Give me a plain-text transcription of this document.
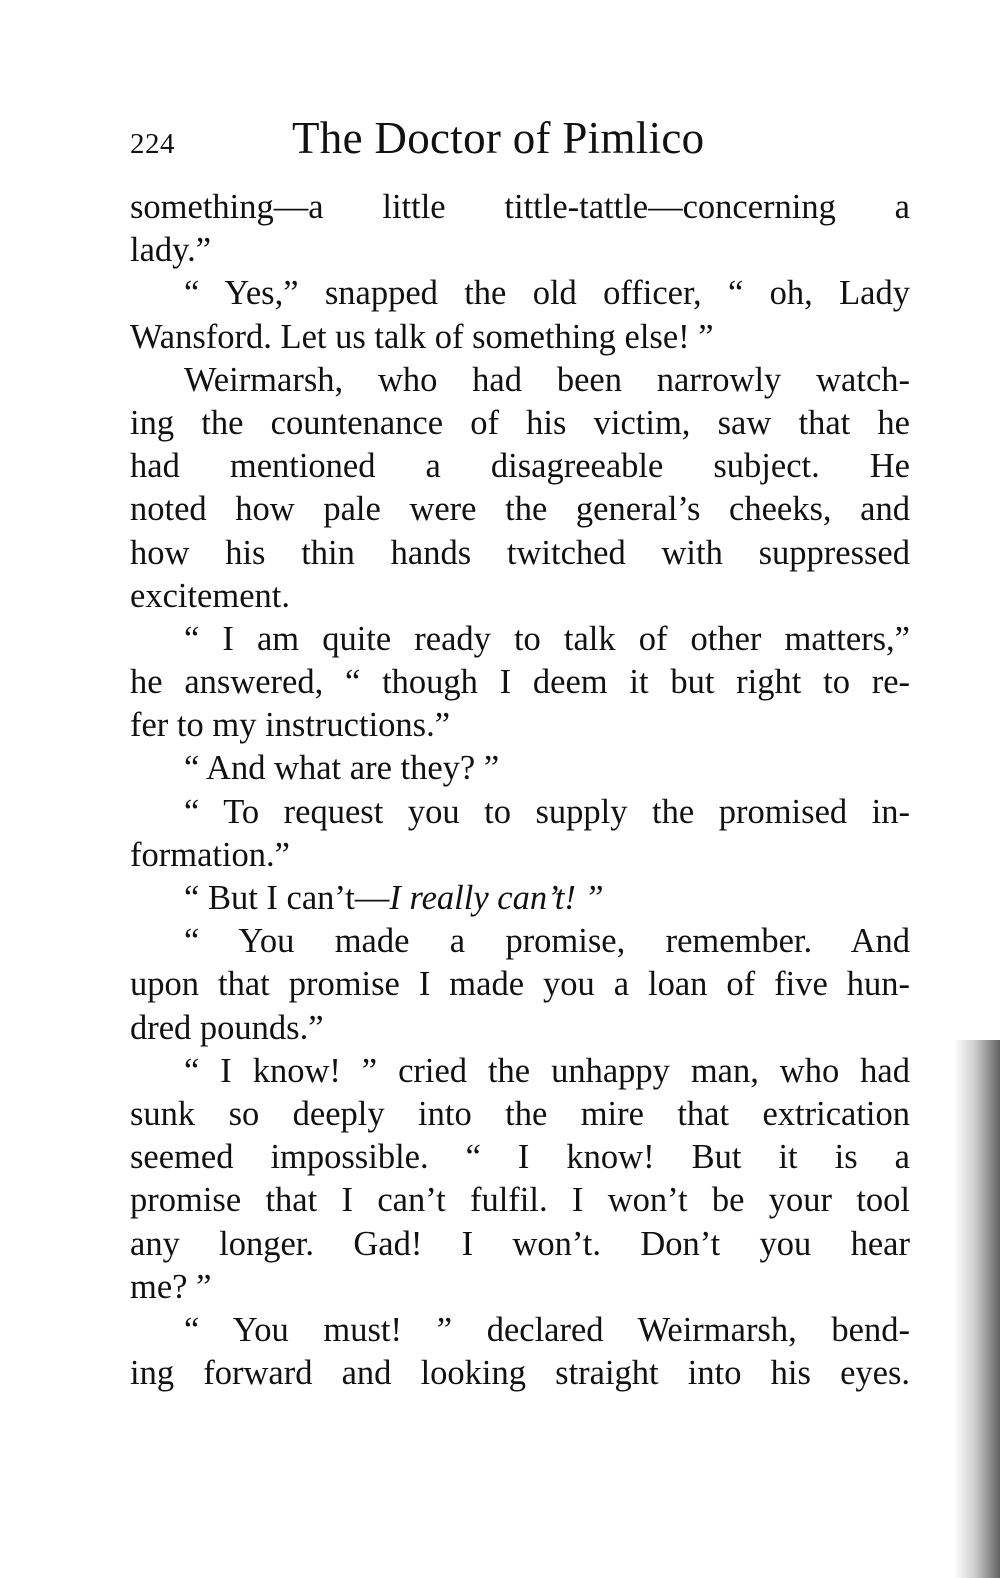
224	The Doctor of Pimlico
something—a little tittle-tattle—concerning a
lady.”
“ Yes,” snapped the old officer, “ oh, Lady
Wansford. Let us talk of something else! ”
Weirmarsh, who had been narrowly watch-
ing the countenance of his victim, saw that he
had mentioned a disagreeable subject. He
noted how pale were the general’s cheeks, and
how his thin hands twitched with suppressed
excitement.
“ I am quite ready to talk of other matters,”
he answered, “ though I deem it but right to re-
fer to my instructions.”
“ And what are they? ”
“ To request you to supply the promised in-
formation.”
“ But I can’t—I really can’t! ”
“ You made a promise, remember. And
upon that promise I made you a loan of five hun-
dred pounds.”
“ I know! ” cried the unhappy man, who had
sunk so deeply into the mire that extrication
seemed impossible. “ I know! But it is a
promise that I can’t fulfil. I won’t be your tool
any longer. Gad! I won’t. Don’t you hear
me? ”
“ You must! ” declared Weirmarsh, bend-
ing forward and looking straight into his eyes.
